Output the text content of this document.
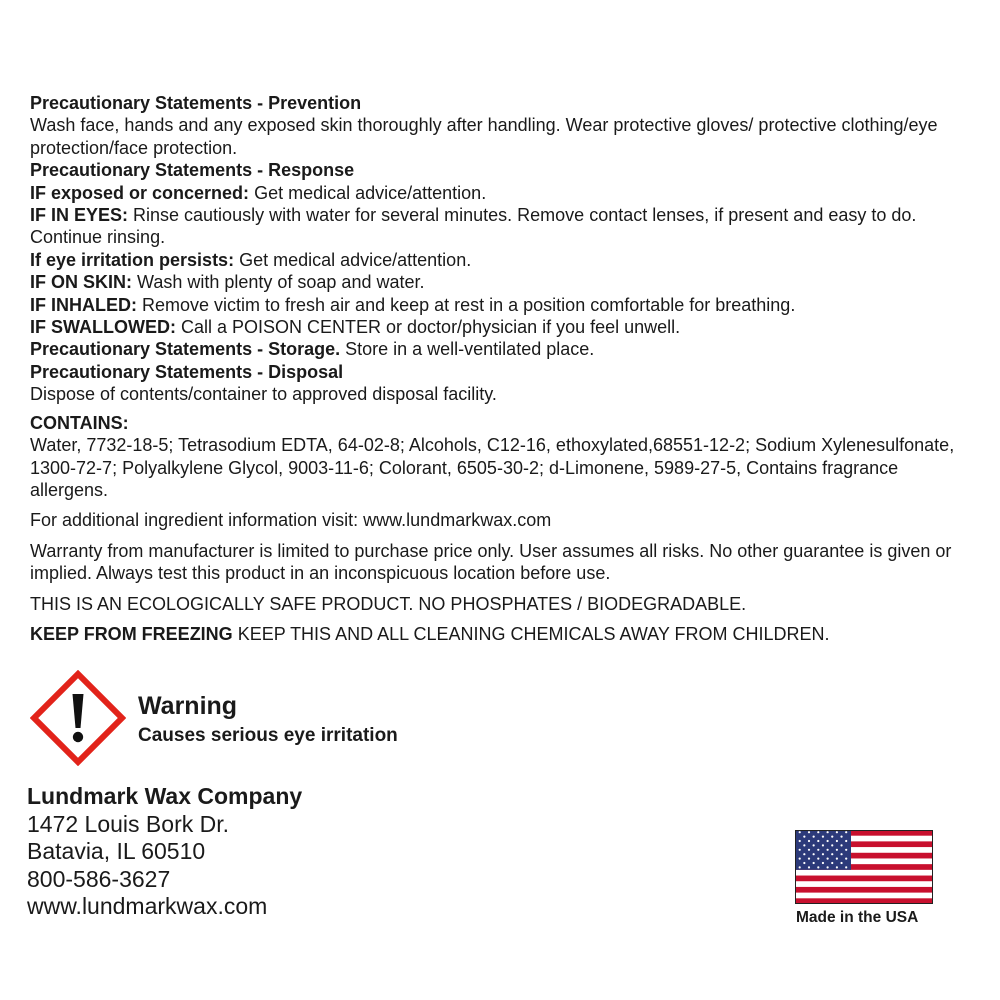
Precautionary Statements - Prevention

Wash face, hands and any exposed skin thoroughly after handling. Wear protective gloves/ protective clothing/eye protection/face protection.

Precautionary Statements - Response

IF exposed or concerned: Get medical advice/attention.

IF IN EYES: Rinse cautiously with water for several minutes. Remove contact lenses, if present and easy to do. Continue rinsing.

If eye irritation persists: Get medical advice/attention.

IF ON SKIN: Wash with plenty of soap and water.

IF INHALED: Remove victim to fresh air and keep at rest in a position comfortable for breathing.

IF SWALLOWED: Call a POISON CENTER or doctor/physician if you feel unwell.

Precautionary Statements - Storage. Store in a well-ventilated place.

Precautionary Statements - Disposal

Dispose of contents/container to approved disposal facility.

CONTAINS:

Water, 7732-18-5; Tetrasodium EDTA, 64-02-8; Alcohols, C12-16, ethoxylated,68551-12-2; Sodium Xylenesulfonate, 1300-72-7; Polyalkylene Glycol, 9003-11-6; Colorant, 6505-30-2; d-Limonene, 5989-27-5, Contains fragrance allergens.

For additional ingredient information visit: www.lundmarkwax.com

Warranty from manufacturer is limited to purchase price only. User assumes all risks. No other guarantee is given or implied. Always test this product in an inconspicuous location before use.

THIS IS AN ECOLOGICALLY SAFE PRODUCT. NO PHOSPHATES / BIODEGRADABLE.

KEEP FROM FREEZING KEEP THIS AND ALL CLEANING CHEMICALS AWAY FROM CHILDREN.

Warning

Causes serious eye irritation

Lundmark Wax Company

1472 Louis Bork Dr.

Batavia, IL 60510

800-586-3627

www.lundmarkwax.com	Made in the USA
